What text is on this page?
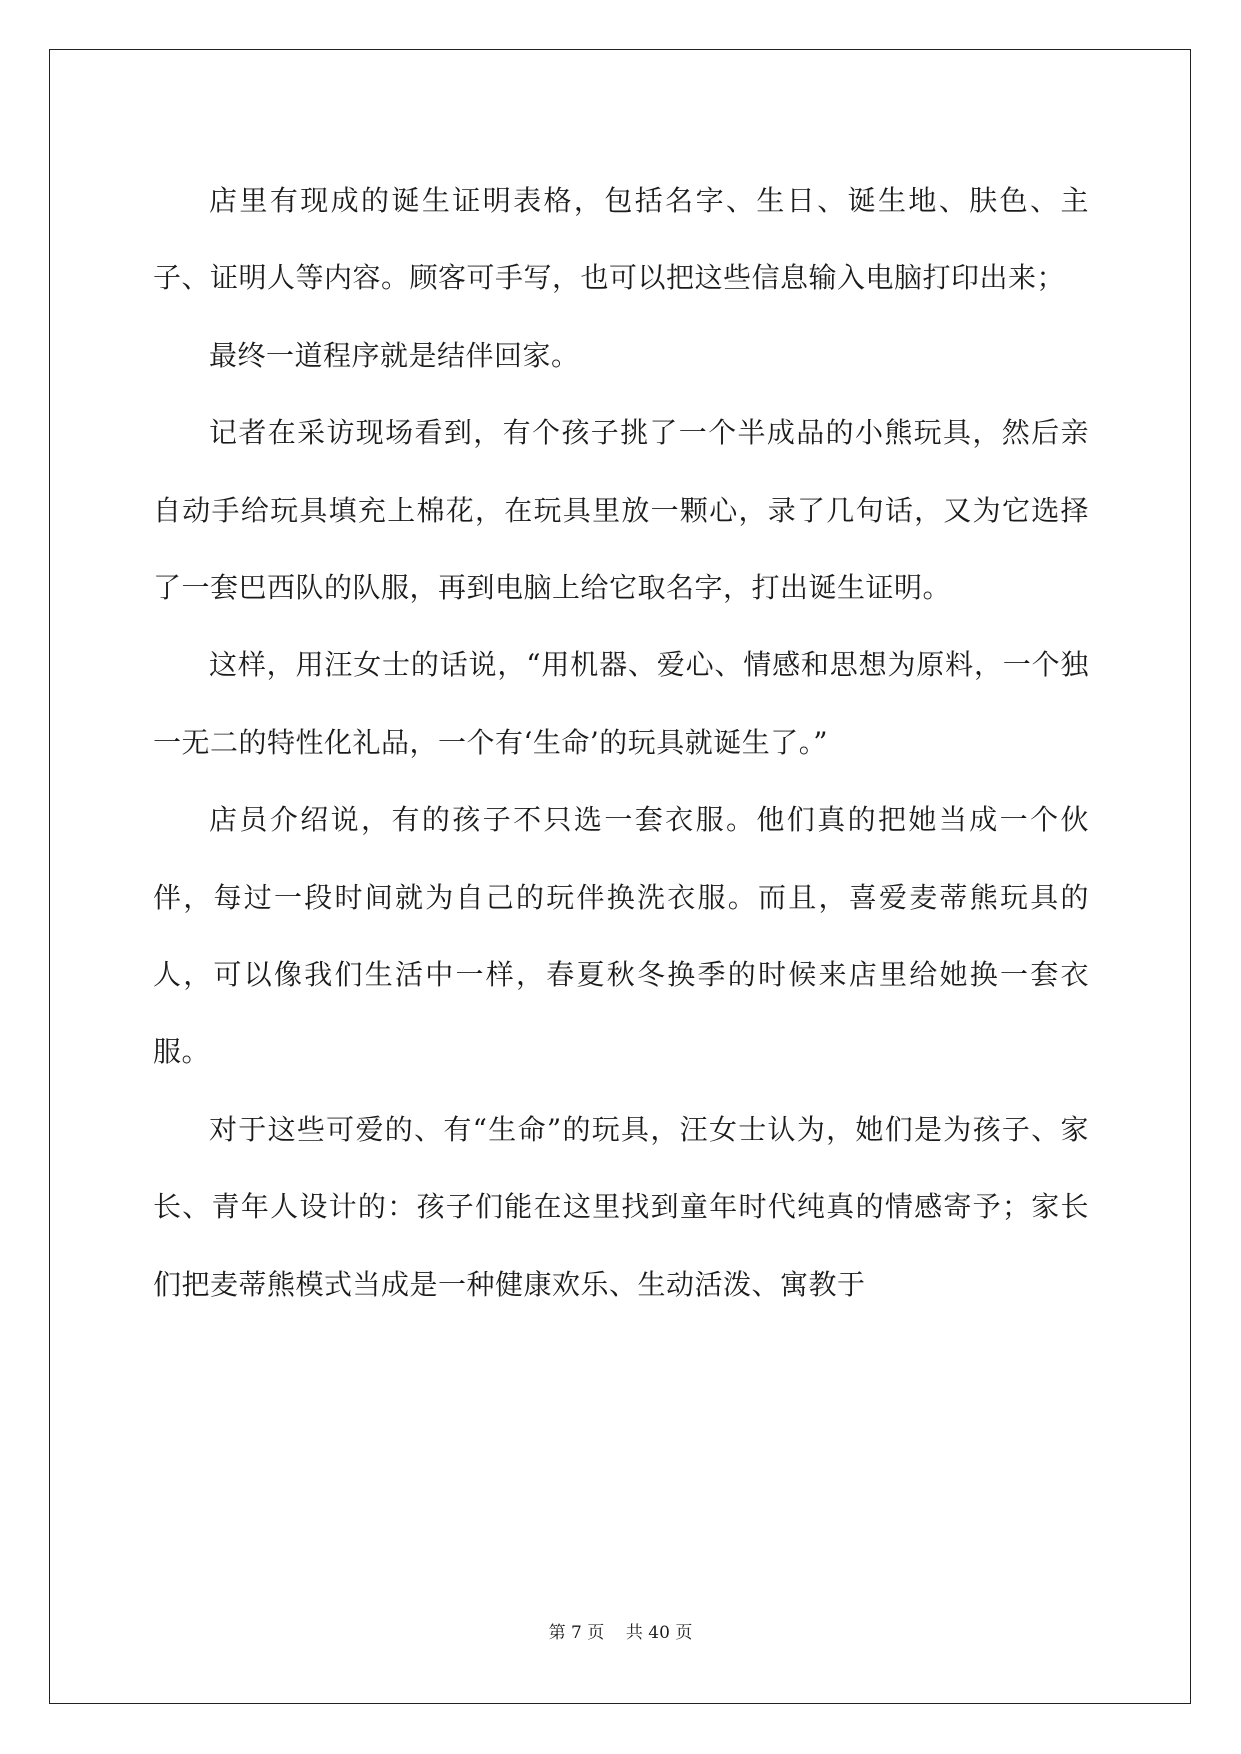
店里有现成的诞生证明表格，包括名字、生日、诞生地、肤色、主子、证明人等内容。顾客可手写，也可以把这些信息输入电脑打印出来；

最终一道程序就是结伴回家。

记者在采访现场看到，有个孩子挑了一个半成品的小熊玩具，然后亲自动手给玩具填充上棉花，在玩具里放一颗心，录了几句话，又为它选择了一套巴西队的队服，再到电脑上给它取名字，打出诞生证明。

这样，用汪女士的话说，“用机器、爱心、情感和思想为原料，一个独一无二的特性化礼品，一个有‘生命’的玩具就诞生了。”

店员介绍说，有的孩子不只选一套衣服。他们真的把她当成一个伙伴，每过一段时间就为自己的玩伴换洗衣服。而且，喜爱麦蒂熊玩具的人，可以像我们生活中一样，春夏秋冬换季的时候来店里给她换一套衣服。

对于这些可爱的、有“生命”的玩具，汪女士认为，她们是为孩子、家长、青年人设计的：孩子们能在这里找到童年时代纯真的情感寄予；家长们把麦蒂熊模式当成是一种健康欢乐、生动活泼、寓教于

第 7 页    共 40 页
